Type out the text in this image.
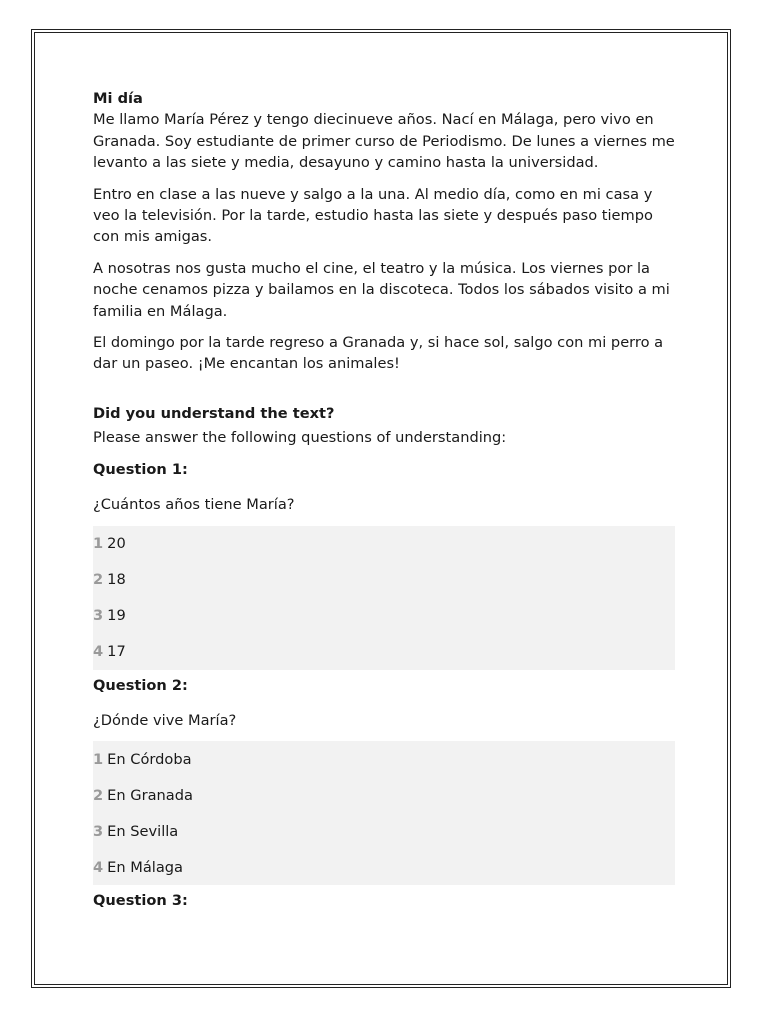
Mi día

Me llamo María Pérez y tengo diecinueve años. Nací en Málaga, pero vivo en Granada. Soy estudiante de primer curso de Periodismo. De lunes a viernes me levanto a las siete y media, desayuno y camino hasta la universidad.

Entro en clase a las nueve y salgo a la una. Al medio día, como en mi casa y veo la televisión. Por la tarde, estudio hasta las siete y después paso tiempo con mis amigas.

A nosotras nos gusta mucho el cine, el teatro y la música. Los viernes por la noche cenamos pizza y bailamos en la discoteca. Todos los sábados visito a mi familia en Málaga.

El domingo por la tarde regreso a Granada y, si hace sol, salgo con mi perro a dar un paseo. ¡Me encantan los animales!

Did you understand the text?

Please answer the following questions of understanding:

Question 1:

¿Cuántos años tiene María?

1 20
2 18
3 19
4 17

Question 2:

¿Dónde vive María?

1 En Córdoba
2 En Granada
3 En Sevilla
4 En Málaga

Question 3:
